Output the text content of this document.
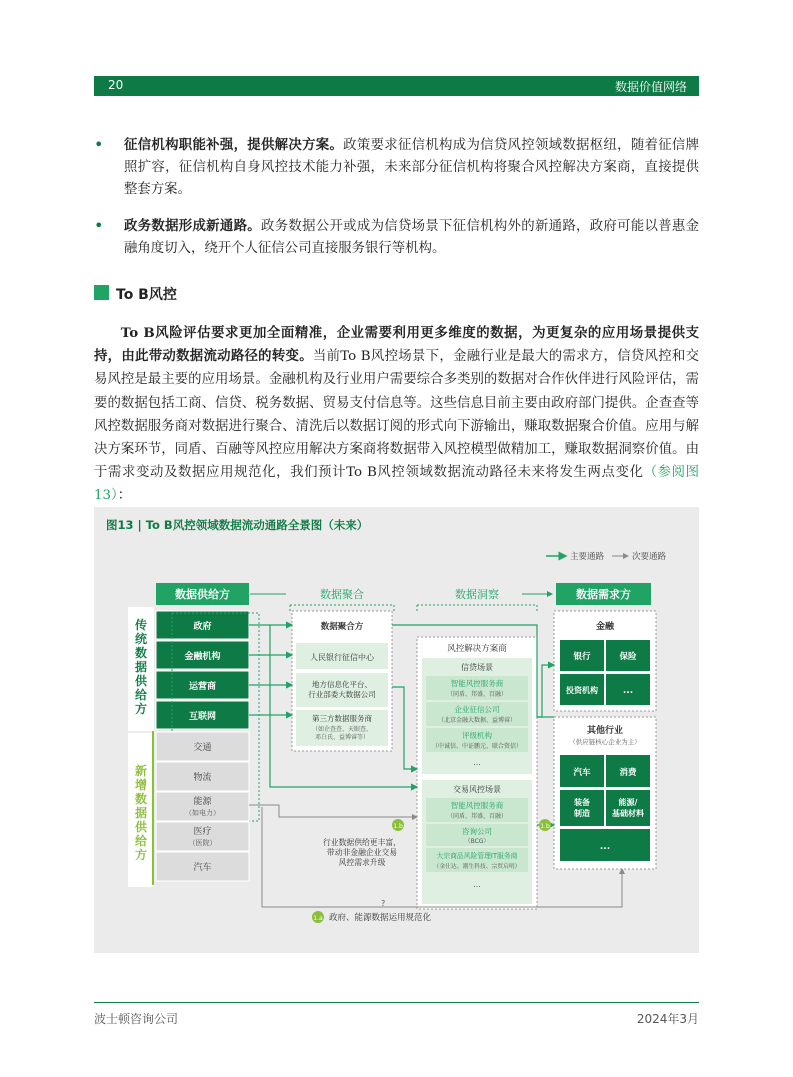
20	数据价值网络
• 征信机构职能补强，提供解决方案。政策要求征信机构成为信贷风控领域数据枢纽，随着征信牌照扩容，征信机构自身风控技术能力补强，未来部分征信机构将聚合风控解决方案商，直接提供整套方案。
• 政务数据形成新通路。政务数据公开或成为信贷场景下征信机构外的新通路，政府可能以普惠金融角度切入，绕开个人征信公司直接服务银行等机构。
To B风控
To B风险评估要求更加全面精准，企业需要利用更多维度的数据，为更复杂的应用场景提供支持，由此带动数据流动路径的转变。当前To B风控场景下，金融行业是最大的需求方，信贷风控和交易风控是最主要的应用场景。金融机构及行业用户需要综合多类别的数据对合作伙伴进行风险评估，需要的数据包括工商、信贷、税务数据、贸易支付信息等。这些信息目前主要由政府部门提供。企查查等风控数据服务商对数据进行聚合、清洗后以数据订阅的形式向下游输出，赚取数据聚合价值。应用与解决方案环节，同盾、百融等风控应用解决方案商将数据带入风控模型做精加工，赚取数据洞察价值。由于需求变动及数据应用规范化，我们预计To B风控领域数据流动路径未来将发生两点变化（参阅图13）：
图13 | To B风控领域数据流动通路全景图（未来）
主要通路	次要通路
数据供给方	数据需求方
数据聚合	数据洞察
传统数据供给方
新增数据供给方
政府
金融机构
运营商
互联网
交通
物流
能源
（如电力）
医疗
（医院）
汽车
数据聚合方
人民银行征信中心
地方信息化平台、行业部委大数据公司
第三方数据服务商
（如企查查、天眼查、邓白氏、益博睿等）
风控解决方案商
信贷场景
智能风控服务商
（同盾、邦盛、百融）
企业征信公司
（北京金融大数据、益博睿）
评级机构
（中诚信、中证鹏元、联合资信）
...
交易风控场景
智能风控服务商
（同盾、邦盛、百融）
咨询公司
（BCG）
大宗商品风险管理IT服务商
（金仕达、潮生科技、宗贸启明）
...
金融
银行	保险
投资机构	...
其他行业
（供应链核心企业为主）
汽车	消费
装备制造
能源/基础材料
...
1.b	1.b
行业数据供给更丰富，带动非金融企业交易风控需求升级
?
1.a 政府、能源数据运用规范化
波士顿咨询公司	2024年3月
